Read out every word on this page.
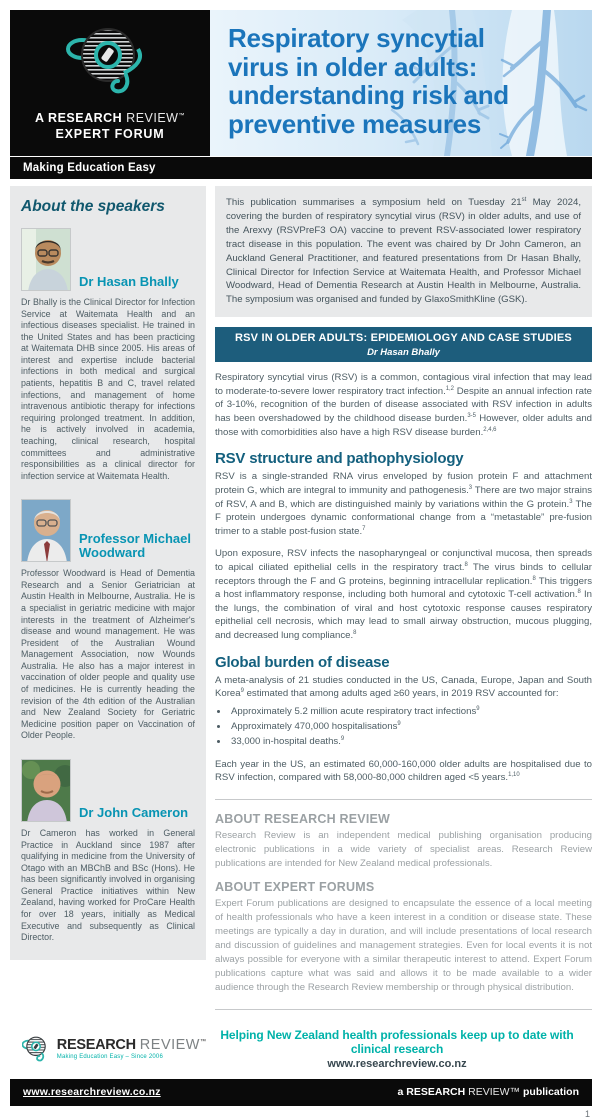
A RESEARCH REVIEW™
EXPERT FORUM
Respiratory syncytial virus in older adults: understanding risk and preventive measures
Making Education Easy
About the speakers
Dr Hasan Bhally
Dr Bhally is the Clinical Director for Infection Service at Waitemata Health and an infectious diseases specialist. He trained in the United States and has been practicing at Waitemata DHB since 2005. His areas of interest and expertise include bacterial infections in both medical and surgical patients, hepatitis B and C, travel related infections, and management of home intravenous antibiotic therapy for infections requiring prolonged treatment. In addition, he is actively involved in academia, teaching, clinical research, hospital committees and administrative responsibilities as a clinical director for infection service at Waitemata Health.
Professor Michael Woodward
Professor Woodward is Head of Dementia Research and a Senior Geriatrician at Austin Health in Melbourne, Australia. He is a specialist in geriatric medicine with major interests in the treatment of Alzheimer's disease and wound management. He was President of the Australian Wound Management Association, now Wounds Australia. He also has a major interest in vaccination of older people and quality use of medicines. He is currently heading the revision of the 4th edition of the Australian and New Zealand Society for Geriatric Medicine position paper on Vaccination of Older People.
Dr John Cameron
Dr Cameron has worked in General Practice in Auckland since 1987 after qualifying in medicine from the University of Otago with an MBChB and BSc (Hons). He has been significantly involved in organising General Practice initiatives within New Zealand, having worked for ProCare Health for over 18 years, initially as Medical Executive and subsequently as Clinical Director.
This publication summarises a symposium held on Tuesday 21st May 2024, covering the burden of respiratory syncytial virus (RSV) in older adults, and use of the Arexvy (RSVPreF3 OA) vaccine to prevent RSV-associated lower respiratory tract disease in this population. The event was chaired by Dr John Cameron, an Auckland General Practitioner, and featured presentations from Dr Hasan Bhally, Clinical Director for Infection Service at Waitemata Health, and Professor Michael Woodward, Head of Dementia Research at Austin Health in Melbourne, Australia. The symposium was organised and funded by GlaxoSmithKline (GSK).
RSV IN OLDER ADULTS: EPIDEMIOLOGY AND CASE STUDIES
Dr Hasan Bhally

Respiratory syncytial virus (RSV) is a common, contagious viral infection that may lead to moderate-to-severe lower respiratory tract infection.$^{1,2}$ Despite an annual infection rate of 3-10%, recognition of the burden of disease associated with RSV infection in adults has been overshadowed by the childhood disease burden.$^{3-5}$ However, older adults and those with comorbidities also have a high RSV disease burden.$^{2,4,6}$

RSV structure and pathophysiology

RSV is a single-stranded RNA virus enveloped by fusion protein F and attachment protein G, which are integral to immunity and pathogenesis.$^3$ There are two major strains of RSV, A and B, which are distinguished mainly by variations within the G protein.$^3$ The F protein undergoes dynamic conformational change from a “metastable” pre-fusion trimer to a stable post-fusion state.$^7$

Upon exposure, RSV infects the nasopharyngeal or conjunctival mucosa, then spreads to apical ciliated epithelial cells in the respiratory tract.$^8$ The virus binds to cellular receptors through the F and G proteins, beginning intracellular replication.$^8$ This triggers a host inflammatory response, including both humoral and cytotoxic T-cell activation.$^8$ In the lungs, the combination of viral and host cytotoxic response causes respiratory epithelial cell necrosis, which may lead to small airway obstruction, mucous plugging, and decreased lung compliance.$^8$

Global burden of disease

A meta-analysis of 21 studies conducted in the US, Canada, Europe, Japan and South Korea$^9$ estimated that among adults aged ≥60 years, in 2019 RSV accounted for:

• Approximately 5.2 million acute respiratory tract infections$^9$
• Approximately 470,000 hospitalisations$^9$
• 33,000 in-hospital deaths.$^9$

Each year in the US, an estimated 60,000-160,000 older adults are hospitalised due to RSV infection, compared with 58,000-80,000 children aged <5 years.$^{1,10}$

ABOUT RESEARCH REVIEW

Research Review is an independent medical publishing organisation producing electronic publications in a wide variety of specialist areas. Research Review publications are intended for New Zealand medical professionals.

ABOUT EXPERT FORUMS

Expert Forum publications are designed to encapsulate the essence of a local meeting of health professionals who have a keen interest in a condition or disease state. These meetings are typically a day in duration, and will include presentations of local research and discussion of guidelines and management strategies. Even for local events it is not always possible for everyone with a similar therapeutic interest to attend. Expert Forum publications capture what was said and allows it to be made available to a wider audience through the Research Review membership or through physical distribution.

RESEARCH REVIEW™
Making Education Easy – Since 2006
Helping New Zealand health professionals keep up to date with clinical research
www.researchreview.co.nz
www.researchreview.co.nz	a RESEARCH REVIEW™ publication
1
